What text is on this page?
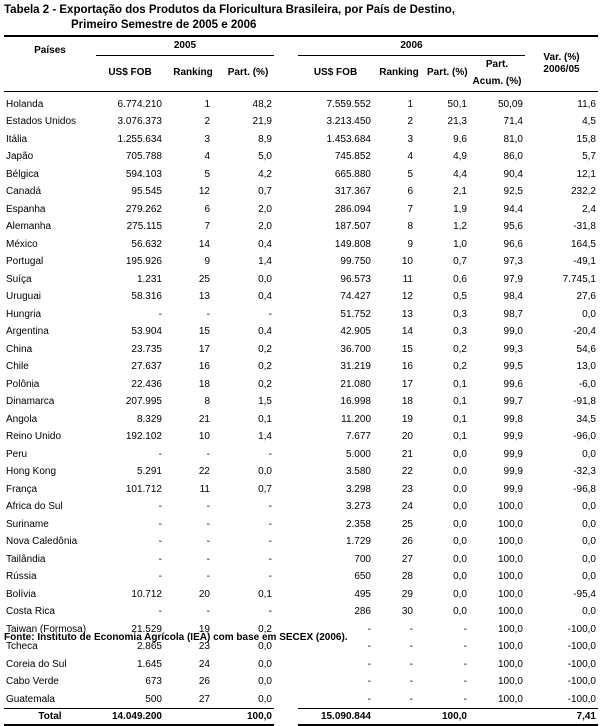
Tabela 2 - Exportação dos Produtos da Floricultura Brasileira, por País de Destino,
Primeiro Semestre de 2005 e 2006
Países	2005				2006				Var. (%)
2006/05

	US$ FOB	Ranking	Part. (%)		US$ FOB	Ranking	Part. (%)	Part. Acum. (%)	
Holanda	6.774.210	1	48,2		7.559.552	1	50,1	50,09	11,6
Estados Unidos	3.076.373	2	21,9		3.213.450	2	21,3	71,4	4,5
Itália	1.255.634	3	8,9		1.453.684	3	9,6	81,0	15,8
Japão	705.788	4	5,0		745.852	4	4,9	86,0	5,7
Bélgica	594.103	5	4,2		665.880	5	4,4	90,4	12,1
Canadá	95.545	12	0,7		317.367	6	2,1	92,5	232,2
Espanha	279.262	6	2,0		286.094	7	1,9	94,4	2,4
Alemanha	275.115	7	2,0		187.507	8	1,2	95,6	-31,8
México	56.632	14	0,4		149.808	9	1,0	96,6	164,5
Portugal	195.926	9	1,4		99.750	10	0,7	97,3	-49,1
Suíça	1.231	25	0,0		96.573	11	0,6	97,9	7.745,1
Uruguai	58.316	13	0,4		74.427	12	0,5	98,4	27,6
Hungria	-	-	-		51.752	13	0,3	98,7	0,0
Argentina	53.904	15	0,4		42.905	14	0,3	99,0	-20,4
China	23.735	17	0,2		36.700	15	0,2	99,3	54,6
Chile	27.637	16	0,2		31.219	16	0,2	99,5	13,0
Polônia	22.436	18	0,2		21.080	17	0,1	99,6	-6,0
Dinamarca	207.995	8	1,5		16.998	18	0,1	99,7	-91,8
Angola	8.329	21	0,1		11.200	19	0,1	99,8	34,5
Reino Unido	192.102	10	1,4		7.677	20	0,1	99,9	-96,0
Peru	-	-	-		5.000	21	0,0	99,9	0,0
Hong Kong	5.291	22	0,0		3.580	22	0,0	99,9	-32,3
França	101.712	11	0,7		3.298	23	0,0	99,9	-96,8
Africa do Sul	-	-	-		3.273	24	0,0	100,0	0,0
Suriname	-	-	-		2.358	25	0,0	100,0	0,0
Nova Caledônia	-	-	-		1.729	26	0,0	100,0	0,0
Tailândia	-	-	-		700	27	0,0	100,0	0,0
Rússia	-	-	-		650	28	0,0	100,0	0,0
Bolívia	10.712	20	0,1		495	29	0,0	100,0	-95,4
Costa Rica	-	-	-		286	30	0,0	100,0	0,0
Taiwan (Formosa)	21.529	19	0,2		-	-	-	100,0	-100,0
Tcheca	2.865	23	0,0		-	-	-	100,0	-100,0
Coreia do Sul	1.645	24	0,0		-	-	-	100,0	-100,0
Cabo Verde	673	26	0,0		-	-	-	100,0	-100,0
Guatemala	500	27	0,0		-	-	-	100,0	-100,0
Total	14.049.200		100,0		15.090.844		100,0		7,41
Fonte: Instituto de Economia Agrícola (IEA) com base em SECEX (2006).
